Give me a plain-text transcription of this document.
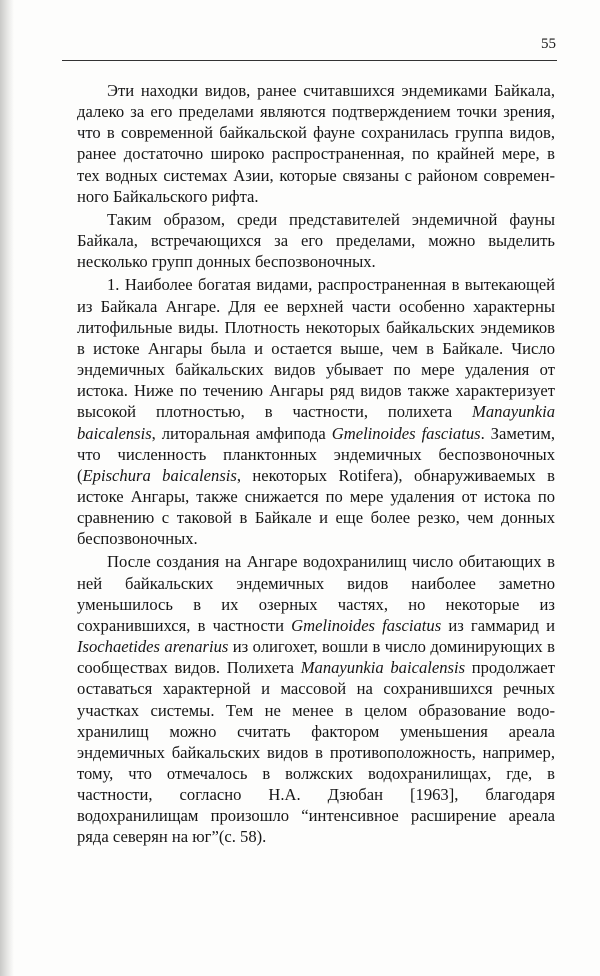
55

Эти находки видов, ранее считавшихся эндемиками Байкала, далеко за его пределами являются подтверждением точки зрения, что в современной байкальской фауне сохранилась группа видов, ранее достаточно широко распространенная, по крайней мере, в тех водных системах Азии, которые связаны с районом современного Байкальского рифта.

Таким образом, среди представителей эндемичной фауны Байкала, встречающихся за его пределами, можно выделить несколько групп донных беспозвоночных.

1. Наиболее богатая видами, распространенная в вытекающей из Байкала Ангаре. Для ее верхней части особенно характерны литофильные виды. Плотность некоторых байкальских эндемиков в истоке Ангары была и остается выше, чем в Байкале. Число эндемичных байкальских видов убывает по мере удаления от истока. Ниже по течению Ангары ряд видов также характеризует высокой плотностью, в частности, полихета Manayunkia baicalensis, литоральная амфипода Gmelinoides fasciatus. Заметим, что численность планктонных эндемичных беспозвоночных (Epischura baicalensis, некоторых Rotifera), обнаруживаемых в истоке Ангары, также снижается по мере удаления от истока по сравнению с таковой в Байкале и еще более резко, чем донных беспозвоночных.

После создания на Ангаре водохранилищ число обитающих в ней байкальских эндемичных видов наиболее заметно уменьшилось в их озерных частях, но некоторые из сохранившихся, в частности Gmelinoides fasciatus из гаммарид и Isochaetides arenarius из олигохет, вошли в число доминирующих в сообществах видов. Полихета Manayunkia baicalensis продолжает оставаться характерной и массовой на сохранившихся речных участках системы. Тем не менее в целом образование водохранилищ можно считать фактором уменьшения ареала эндемичных байкальских видов в противоположность, например, тому, что отмечалось в волжских водохранилищах, где, в частности, согласно Н.А. Дзюбан [1963], благодаря водохранилищам произошло “интенсивное расширение ареала ряда северян на юг”(с. 58).
